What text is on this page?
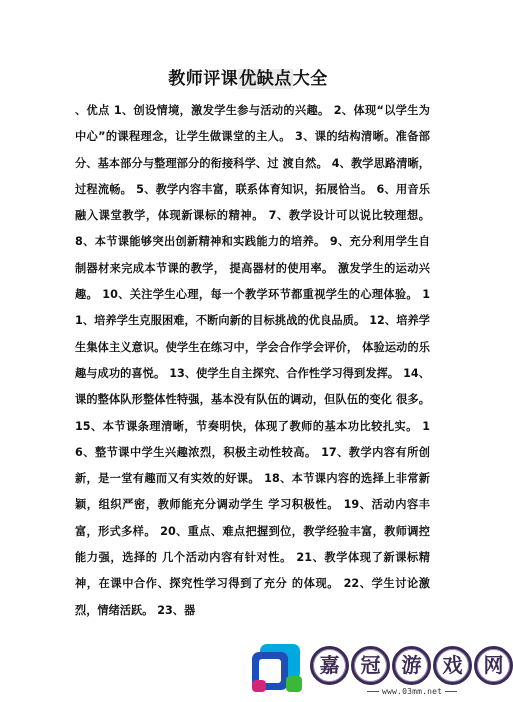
教师评课优缺点大全

、优点 1、创设情境，激发学生参与活动的兴趣。 2、体现“以学生为中心”的课程理念，让学生做课堂的主人。 3、课的结构清晰。准备部分、基本部分与整理部分的衔接科学、过 渡自然。 4、教学思路清晰，过程流畅。 5、教学内容丰富，联系体育知识，拓展恰当。 6、用音乐融入课堂教学，体现新课标的精神。 7、教学设计可以说比较理想。 8、本节课能够突出创新精神和实践能力的培养。 9、充分利用学生自制器材来完成本节课的教学， 提高器材的使用率。 激发学生的运动兴趣。 10、关注学生心理，每一个教学环节都重视学生的心理体验。 11、培养学生克服困难，不断向新的目标挑战的优良品质。 12、培养学生集体主义意识。使学生在练习中，学会合作学会评价， 体验运动的乐趣与成功的喜悦。 13、使学生自主探究、合作性学习得到发挥。 14、课的整体队形整体性特强，基本没有队伍的调动，但队伍的变化 很多。 15、本节课条理清晰，节奏明快，体现了教师的基本功比较扎实。 16、整节课中学生兴趣浓烈，积极主动性较高。 17、教学内容有所创新，是一堂有趣而又有实效的好课。 18、本节课内容的选择上非常新颖，组织严密，教师能充分调动学生 学习积极性。 19、活动内容丰富，形式多样。 20、重点、难点把握到位，教学经验丰富，教师调控能力强，选择的 几个活动内容有针对性。 21、教学体现了新课标精神，在课中合作、探究性学习得到了充分 的体现。 22、学生讨论激烈，情绪活跃。 23、器

嘉	冠	游	戏	网
www.03mm.net
